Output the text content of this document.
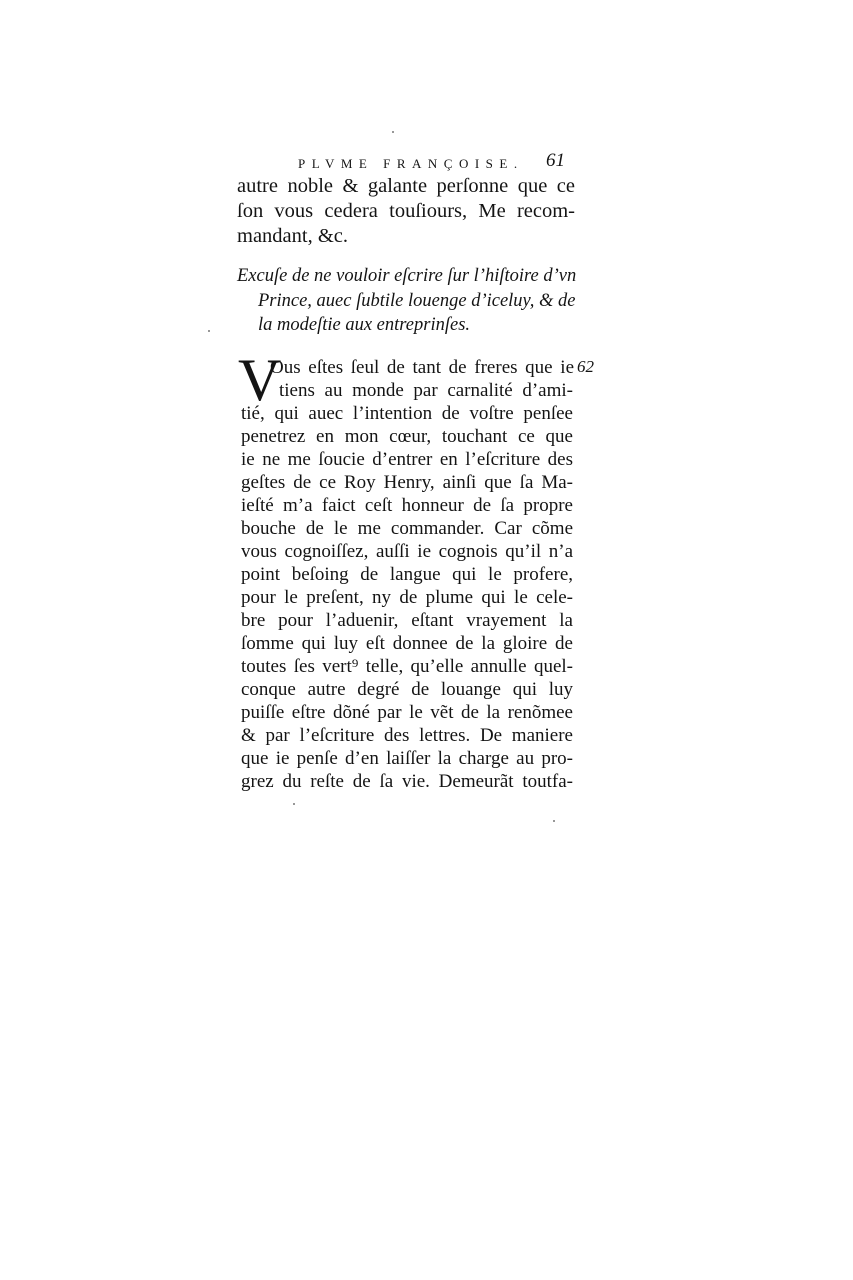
PLVME FRANÇOISE. 61
autre noble & galante perſonne que ce
ſon vous cedera touſiours, Me recom-
mandant, &c.
Excuſe de ne vouloir eſcrire ſur l’hiſtoire d’vn
Prince, auec ſubtile louenge d’iceluy, & de
la modeſtie aux entreprinſes.
V	62
Ous eſtes ſeul de tant de freres que ie
tiens au monde par carnalité d’ami-
tié, qui auec l’intention de voſtre penſee
penetrez en mon cœur, touchant ce que
ie ne me ſoucie d’entrer en l’eſcriture des
geſtes de ce Roy Henry, ainſi que ſa Ma-
ieſté m’a faict ceſt honneur de ſa propre
bouche de le me commander. Car cõme
vous cognoiſſez, auſſi ie cognois qu’il n’a
point beſoing de langue qui le profere,
pour le preſent, ny de plume qui le cele-
bre pour l’aduenir, eſtant vrayement la
ſomme qui luy eſt donnee de la gloire de
toutes ſes vert⁹ telle, qu’elle annulle quel-
conque autre degré de louange qui luy
puiſſe eſtre dõné par le vẽt de la renõmee
& par l’eſcriture des lettres. De maniere
que ie penſe d’en laiſſer la charge au pro-
grez du reſte de ſa vie. Demeurãt toutfa-
